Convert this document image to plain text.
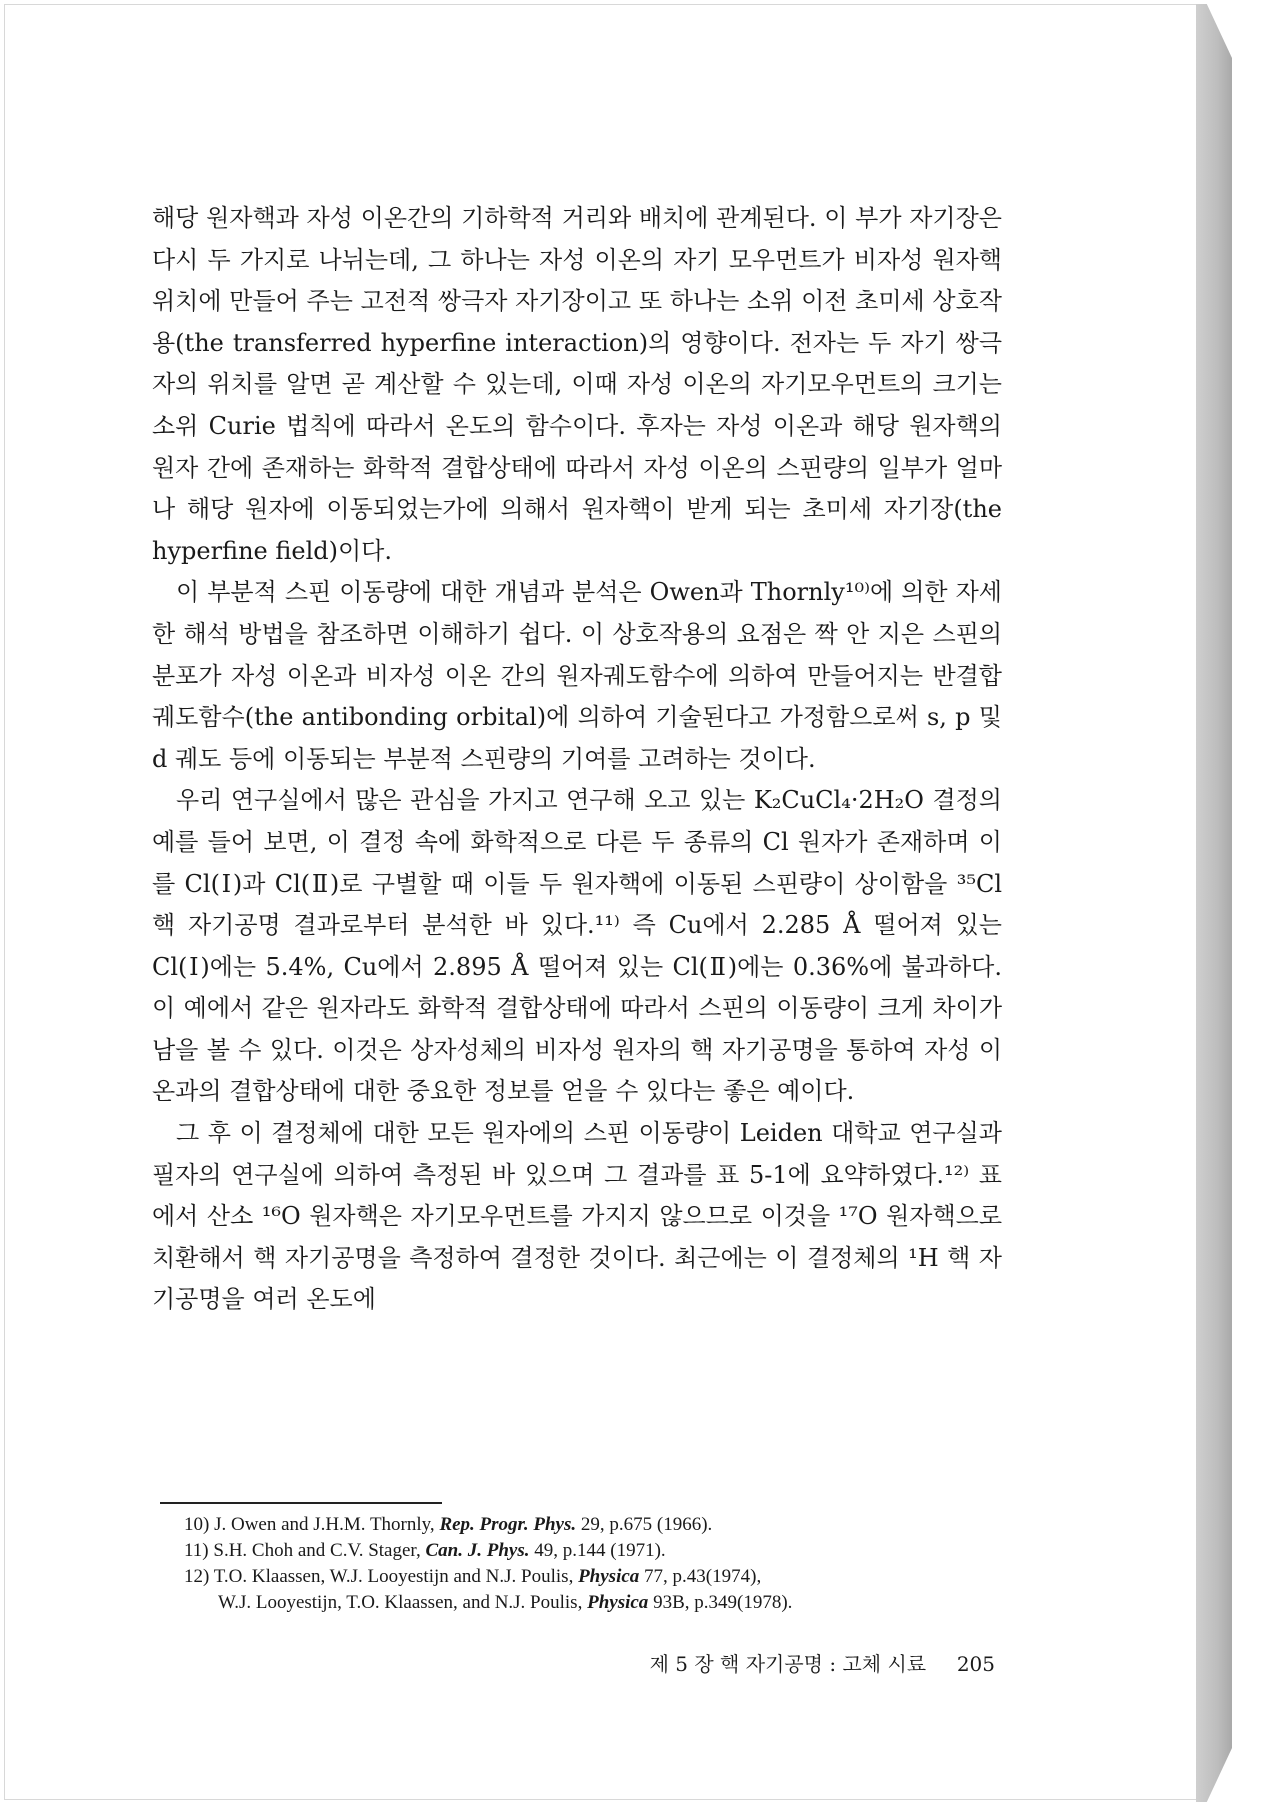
해당 원자핵과 자성 이온간의 기하학적 거리와 배치에 관계된다. 이 부가 자기장은 다시 두 가지로 나뉘는데, 그 하나는 자성 이온의 자기 모우먼트가 비자성 원자핵 위치에 만들어 주는 고전적 쌍극자 자기장이고 또 하나는 소위 이전 초미세 상호작용(the transferred hyperfine interaction)의 영향이다. 전자는 두 자기 쌍극자의 위치를 알면 곧 계산할 수 있는데, 이때 자성 이온의 자기모우먼트의 크기는 소위 Curie 법칙에 따라서 온도의 함수이다. 후자는 자성 이온과 해당 원자핵의 원자 간에 존재하는 화학적 결합상태에 따라서 자성 이온의 스핀량의 일부가 얼마나 해당 원자에 이동되었는가에 의해서 원자핵이 받게 되는 초미세 자기장(the hyperfine field)이다.

이 부분적 스핀 이동량에 대한 개념과 분석은 Owen과 Thornly¹⁰⁾에 의한 자세한 해석 방법을 참조하면 이해하기 쉽다. 이 상호작용의 요점은 짝 안 지은 스핀의 분포가 자성 이온과 비자성 이온 간의 원자궤도함수에 의하여 만들어지는 반결합 궤도함수(the antibonding orbital)에 의하여 기술된다고 가정함으로써 s, p 및 d 궤도 등에 이동되는 부분적 스핀량의 기여를 고려하는 것이다.

우리 연구실에서 많은 관심을 가지고 연구해 오고 있는 K₂CuCl₄·2H₂O 결정의 예를 들어 보면, 이 결정 속에 화학적으로 다른 두 종류의 Cl 원자가 존재하며 이를 Cl(Ⅰ)과 Cl(Ⅱ)로 구별할 때 이들 두 원자핵에 이동된 스핀량이 상이함을 ³⁵Cl 핵 자기공명 결과로부터 분석한 바 있다.¹¹⁾ 즉 Cu에서 2.285 Å 떨어져 있는 Cl(Ⅰ)에는 5.4%, Cu에서 2.895 Å 떨어져 있는 Cl(Ⅱ)에는 0.36%에 불과하다. 이 예에서 같은 원자라도 화학적 결합상태에 따라서 스핀의 이동량이 크게 차이가 남을 볼 수 있다. 이것은 상자성체의 비자성 원자의 핵 자기공명을 통하여 자성 이온과의 결합상태에 대한 중요한 정보를 얻을 수 있다는 좋은 예이다.

그 후 이 결정체에 대한 모든 원자에의 스핀 이동량이 Leiden 대학교 연구실과 필자의 연구실에 의하여 측정된 바 있으며 그 결과를 표 5-1에 요약하였다.¹²⁾ 표에서 산소 ¹⁶O 원자핵은 자기모우먼트를 가지지 않으므로 이것을 ¹⁷O 원자핵으로 치환해서 핵 자기공명을 측정하여 결정한 것이다. 최근에는 이 결정체의 ¹H 핵 자기공명을 여러 온도에

10) J. Owen and J.H.M. Thornly, Rep. Progr. Phys. 29, p.675 (1966).

11) S.H. Choh and C.V. Stager, Can. J. Phys. 49, p.144 (1971).

12) T.O. Klaassen, W.J. Looyestijn and N.J. Poulis, Physica 77, p.43(1974),

W.J. Looyestijn, T.O. Klaassen, and N.J. Poulis, Physica 93B, p.349(1978).

제 5 장 핵 자기공명 : 고체 시료 205
